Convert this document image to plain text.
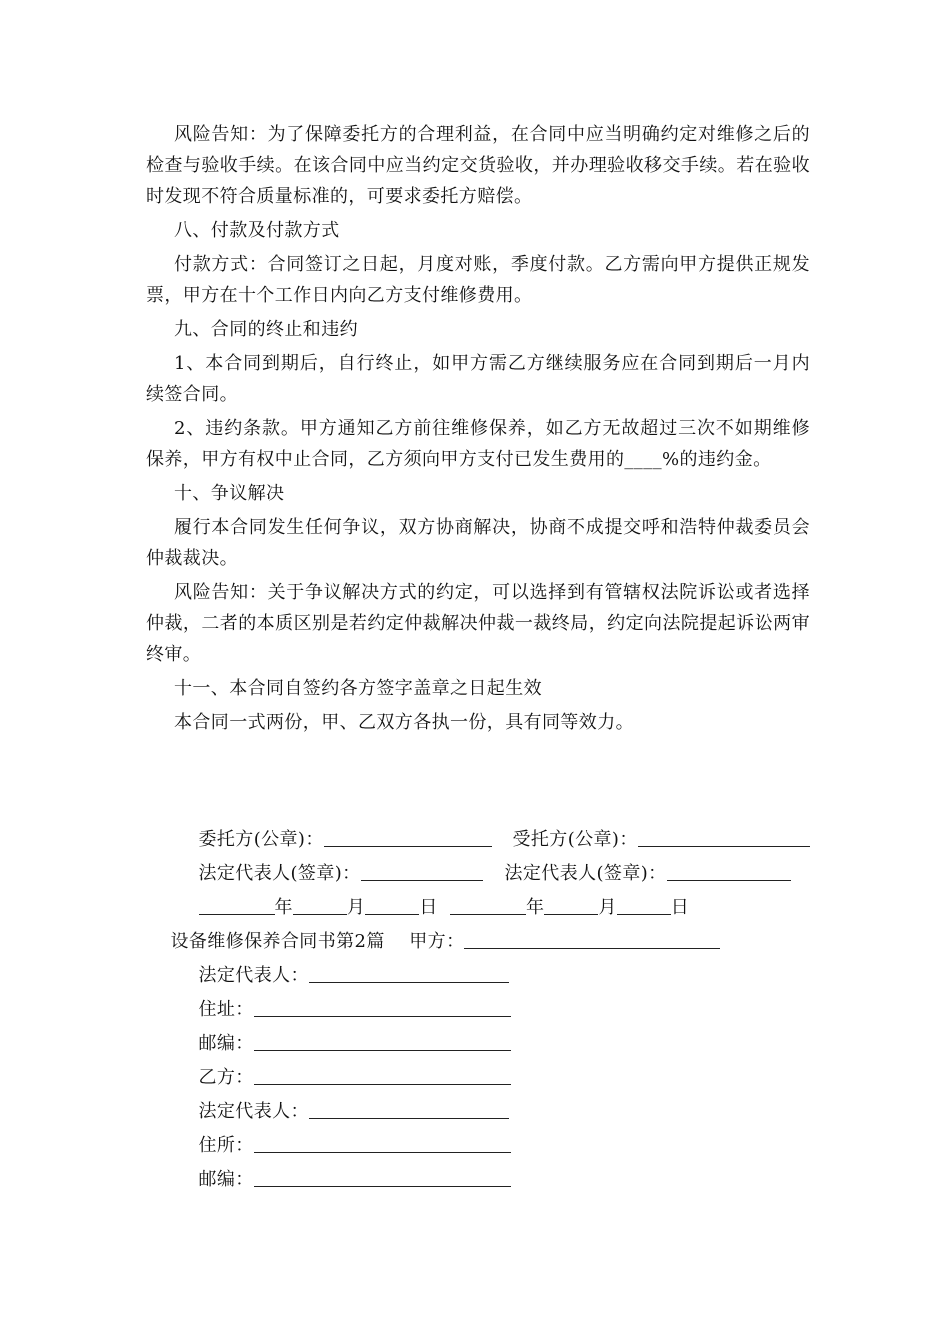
风险告知：为了保障委托方的合理利益，在合同中应当明确约定对维修之后的检查与验收手续。在该合同中应当约定交货验收，并办理验收移交手续。若在验收时发现不符合质量标准的，可要求委托方赔偿。

八、付款及付款方式

付款方式：合同签订之日起，月度对账，季度付款。乙方需向甲方提供正规发票，甲方在十个工作日内向乙方支付维修费用。

九、合同的终止和违约

1、本合同到期后，自行终止，如甲方需乙方继续服务应在合同到期后一月内续签合同。

2、违约条款。甲方通知乙方前往维修保养，如乙方无故超过三次不如期维修保养，甲方有权中止合同，乙方须向甲方支付已发生费用的____%的违约金。

十、争议解决

履行本合同发生任何争议，双方协商解决，协商不成提交呼和浩特仲裁委员会仲裁裁决。

风险告知：关于争议解决方式的约定，可以选择到有管辖权法院诉讼或者选择仲裁，二者的本质区别是若约定仲裁解决仲裁一裁终局，约定向法院提起诉讼两审终审。

十一、本合同自签约各方签字盖章之日起生效

本合同一式两份，甲、乙双方各执一份，具有同等效力。

委托方(公章)：
	受托方(公章)：

法定代表人(签章)：
	法定代表人(签章)：

年	月	日	年	月	日

设备维修保养合同书第2篇 甲方：

法定代表人：

住址：

邮编：

乙方：

法定代表人：

住所：

邮编：
